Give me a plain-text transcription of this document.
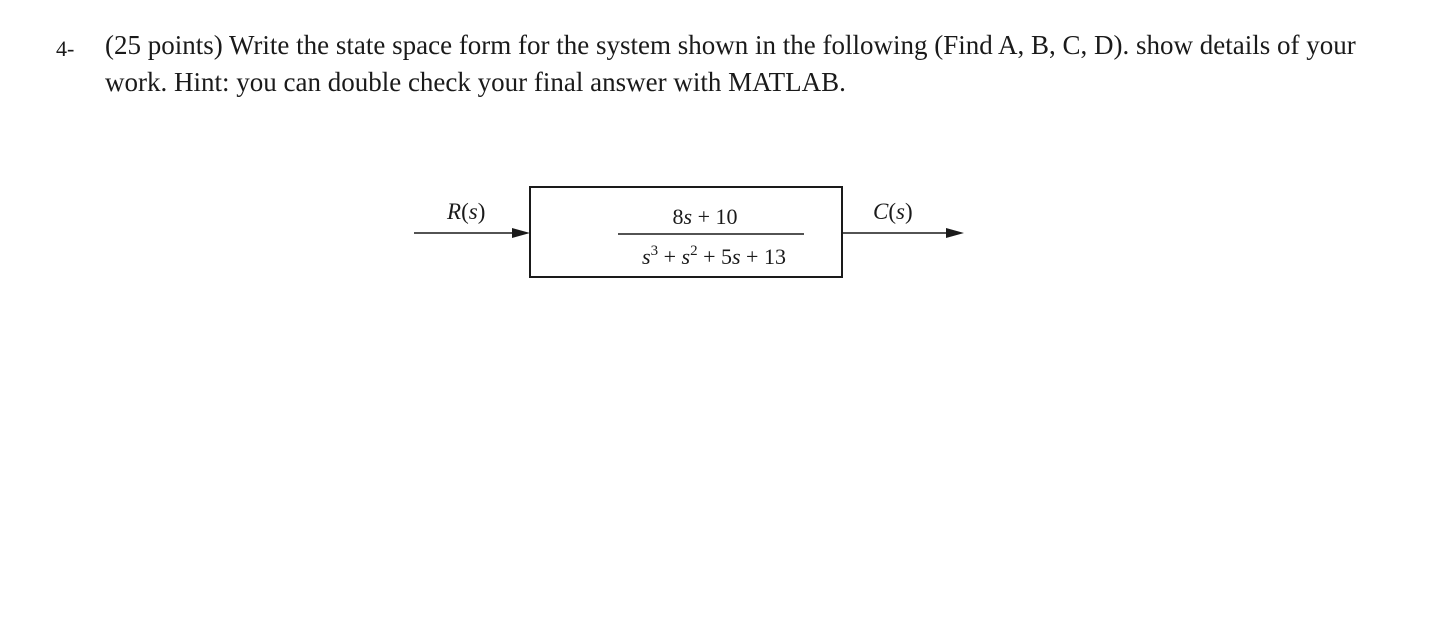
4- (25 points) Write the state space form for the system shown in the following (Find A, B, C, D). show details of your work. Hint: you can double check your final answer with MATLAB.

R(s)	8s + 10
$s^3 + s^2 + 5s + 13$
C(s)
